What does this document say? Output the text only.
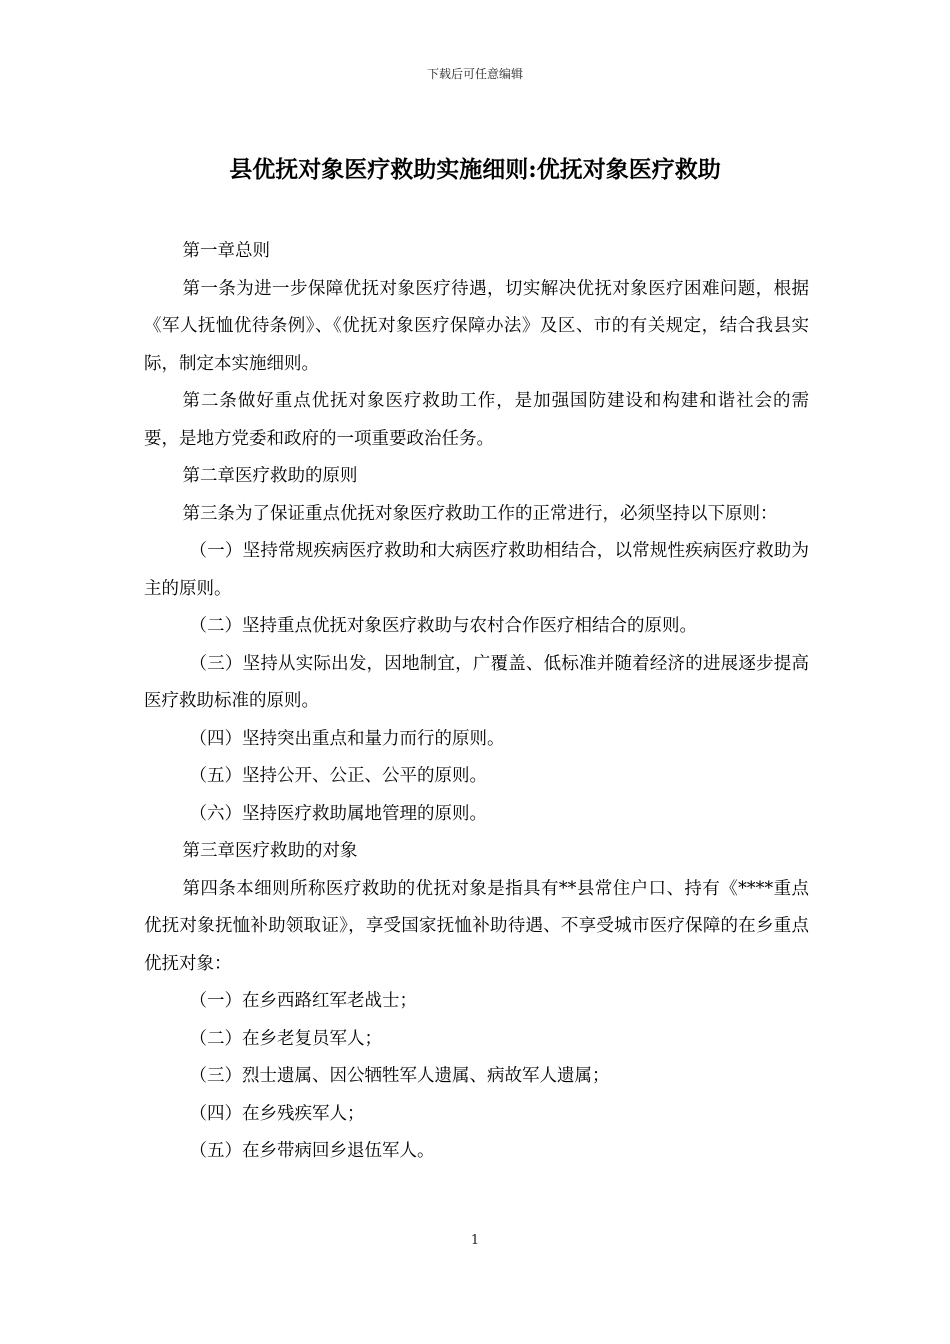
下载后可任意编辑
县优抚对象医疗救助实施细则:优抚对象医疗救助

第一章总则

第一条为进一步保障优抚对象医疗待遇，切实解决优抚对象医疗困难问题，根据《军人抚恤优待条例》、《优抚对象医疗保障办法》及区、市的有关规定，结合我县实际，制定本实施细则。

第二条做好重点优抚对象医疗救助工作，是加强国防建设和构建和谐社会的需要，是地方党委和政府的一项重要政治任务。

第二章医疗救助的原则

第三条为了保证重点优抚对象医疗救助工作的正常进行，必须坚持以下原则：

（一）坚持常规疾病医疗救助和大病医疗救助相结合，以常规性疾病医疗救助为主的原则。

（二）坚持重点优抚对象医疗救助与农村合作医疗相结合的原则。

（三）坚持从实际出发，因地制宜，广覆盖、低标准并随着经济的进展逐步提高医疗救助标准的原则。

（四）坚持突出重点和量力而行的原则。

（五）坚持公开、公正、公平的原则。

（六）坚持医疗救助属地管理的原则。

第三章医疗救助的对象

第四条本细则所称医疗救助的优抚对象是指具有**县常住户口、持有《****重点优抚对象抚恤补助领取证》，享受国家抚恤补助待遇、不享受城市医疗保障的在乡重点优抚对象：

（一）在乡西路红军老战士；

（二）在乡老复员军人；

（三）烈士遗属、因公牺牲军人遗属、病故军人遗属；

（四）在乡残疾军人；

（五）在乡带病回乡退伍军人。

1
